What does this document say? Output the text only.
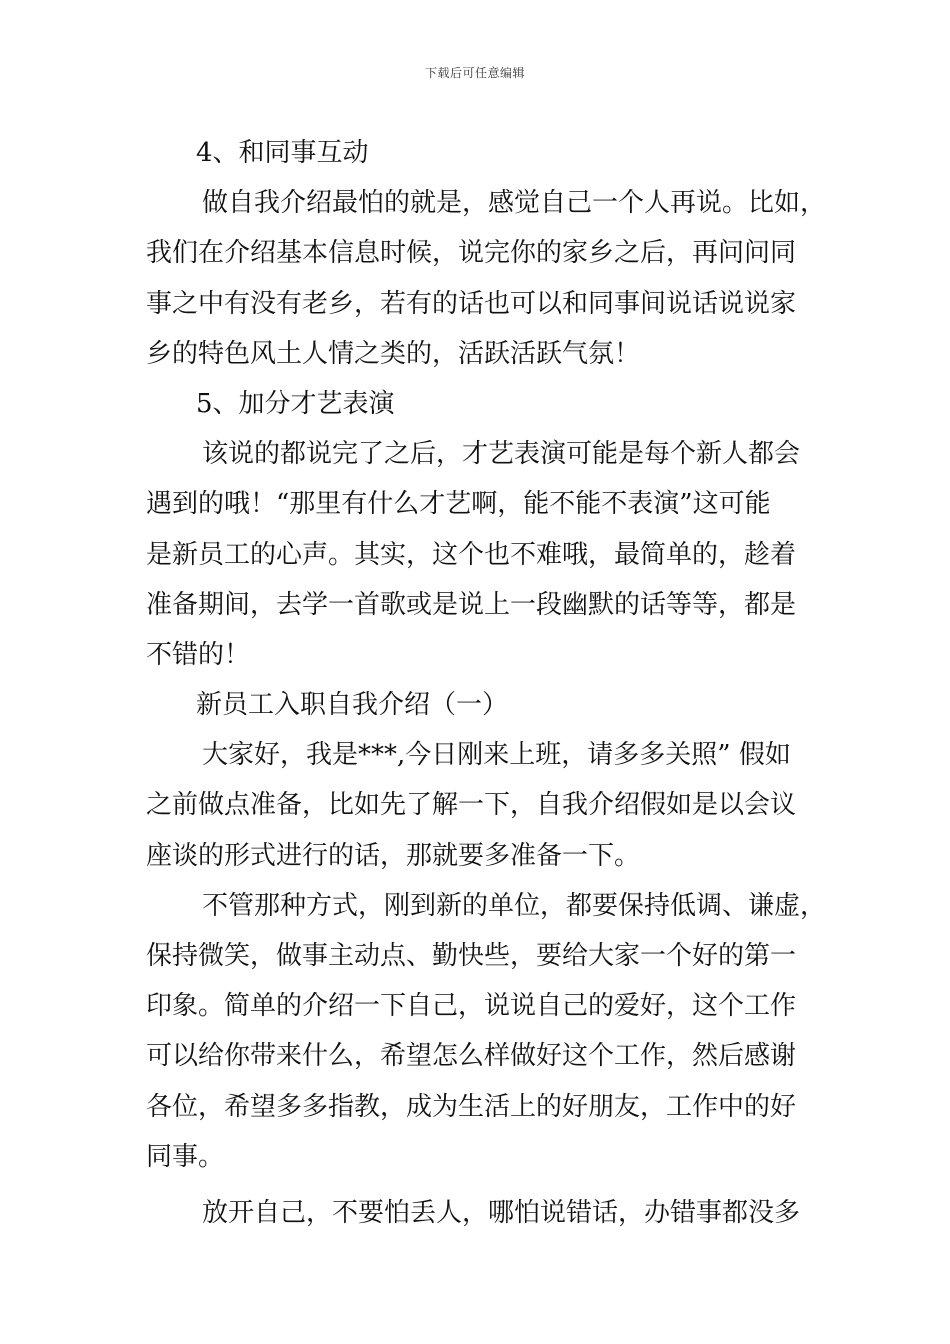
下载后可任意编辑
4、和同事互动
做自我介绍最怕的就是，感觉自己一个人再说。比如，
我们在介绍基本信息时候，说完你的家乡之后，再问问同
事之中有没有老乡，若有的话也可以和同事间说话说说家
乡的特色风土人情之类的，活跃活跃气氛！
5、加分才艺表演
该说的都说完了之后，才艺表演可能是每个新人都会
遇到的哦！“那里有什么才艺啊，能不能不表演”这可能
是新员工的心声。其实，这个也不难哦，最简单的，趁着
准备期间，去学一首歌或是说上一段幽默的话等等，都是
不错的！
新员工入职自我介绍（一）
大家好，我是***,今日刚来上班，请多多关照” 假如
之前做点准备，比如先了解一下，自我介绍假如是以会议
座谈的形式进行的话，那就要多准备一下。
不管那种方式，刚到新的单位，都要保持低调、谦虚，
保持微笑，做事主动点、勤快些，要给大家一个好的第一
印象。简单的介绍一下自己，说说自己的爱好，这个工作
可以给你带来什么，希望怎么样做好这个工作，然后感谢
各位，希望多多指教，成为生活上的好朋友，工作中的好
同事。
放开自己，不要怕丢人，哪怕说错话，办错事都没多
